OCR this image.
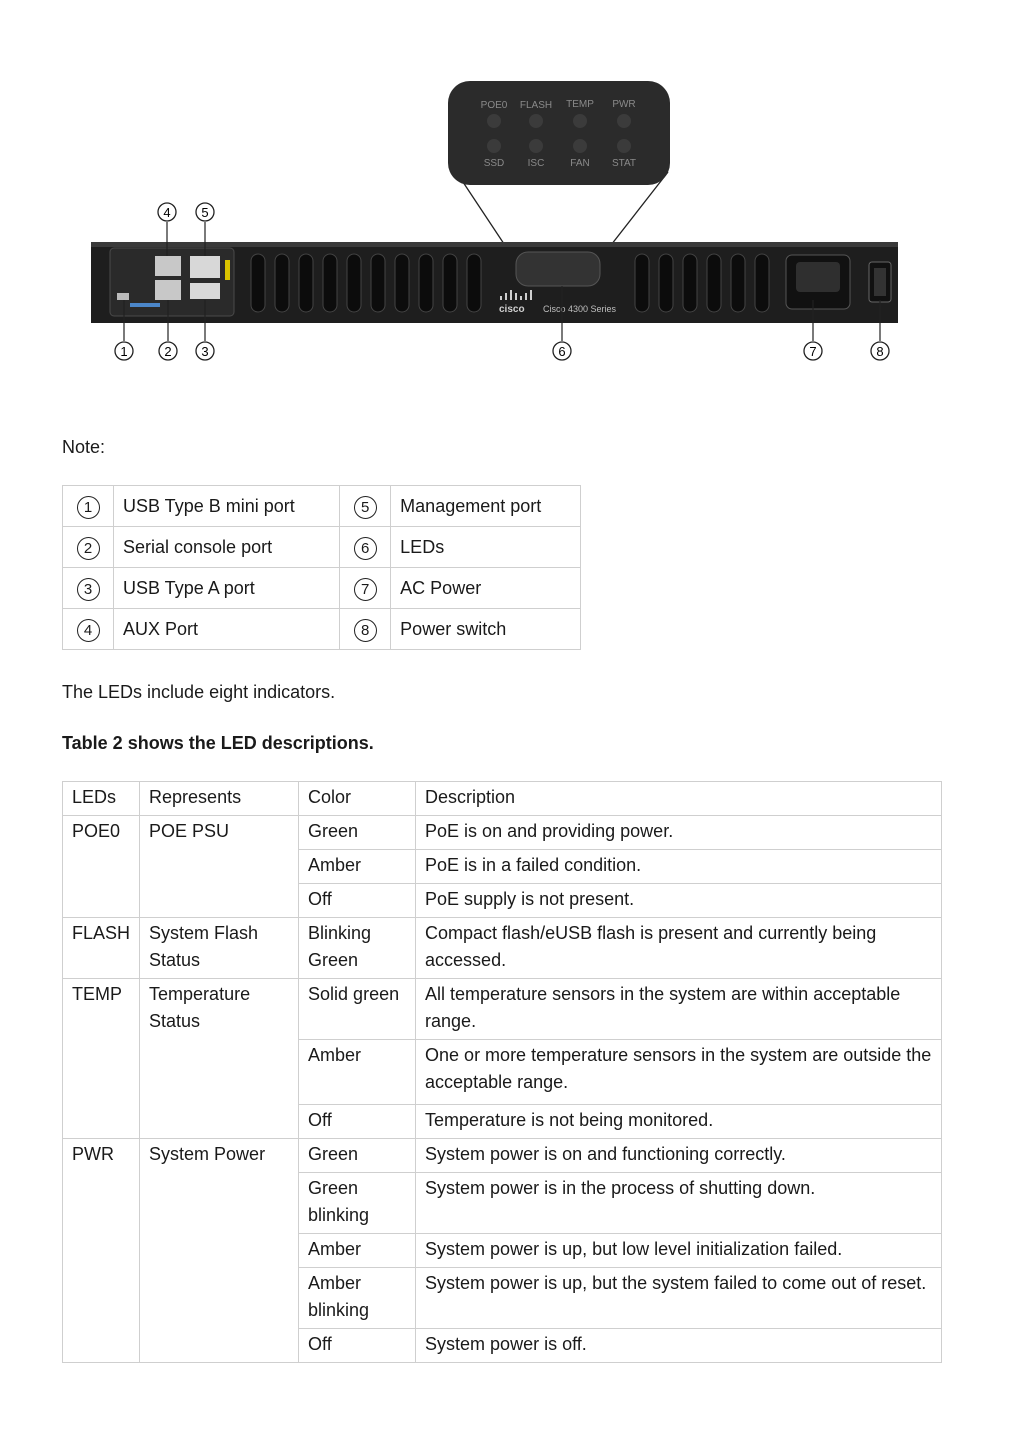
POE0 FLASH TEMP PWR
SSD ISC	FAN STAT
cisco Cisco 4300 Series
1	2 3
4 5
6	7	8
Note:
1	USB Type B mini port	5	Management port
2	Serial console port	6	LEDs
3	USB Type A port	7	AC Power
4	AUX Port	8	Power switch
The LEDs include eight indicators.
Table 2 shows the LED descriptions.
LEDs	Represents	Color	Description
POE0	POE PSU	Green	PoE is on and providing power.
		Amber	PoE is in a failed condition.
		Off	PoE supply is not present.
FLASH	System Flash Status	Blinking Green	Compact flash/eUSB flash is present and currently being accessed.
TEMP	Temperature Status	Solid green	All temperature sensors in the system are within acceptable range.
		Amber	One or more temperature sensors in the system are outside the acceptable range.
		Off	Temperature is not being monitored.
PWR	System Power	Green	System power is on and functioning correctly.
		Green blinking	System power is in the process of shutting down.
		Amber	System power is up, but low level initialization failed.
		Amber blinking	System power is up, but the system failed to come out of reset.
		Off	System power is off.
